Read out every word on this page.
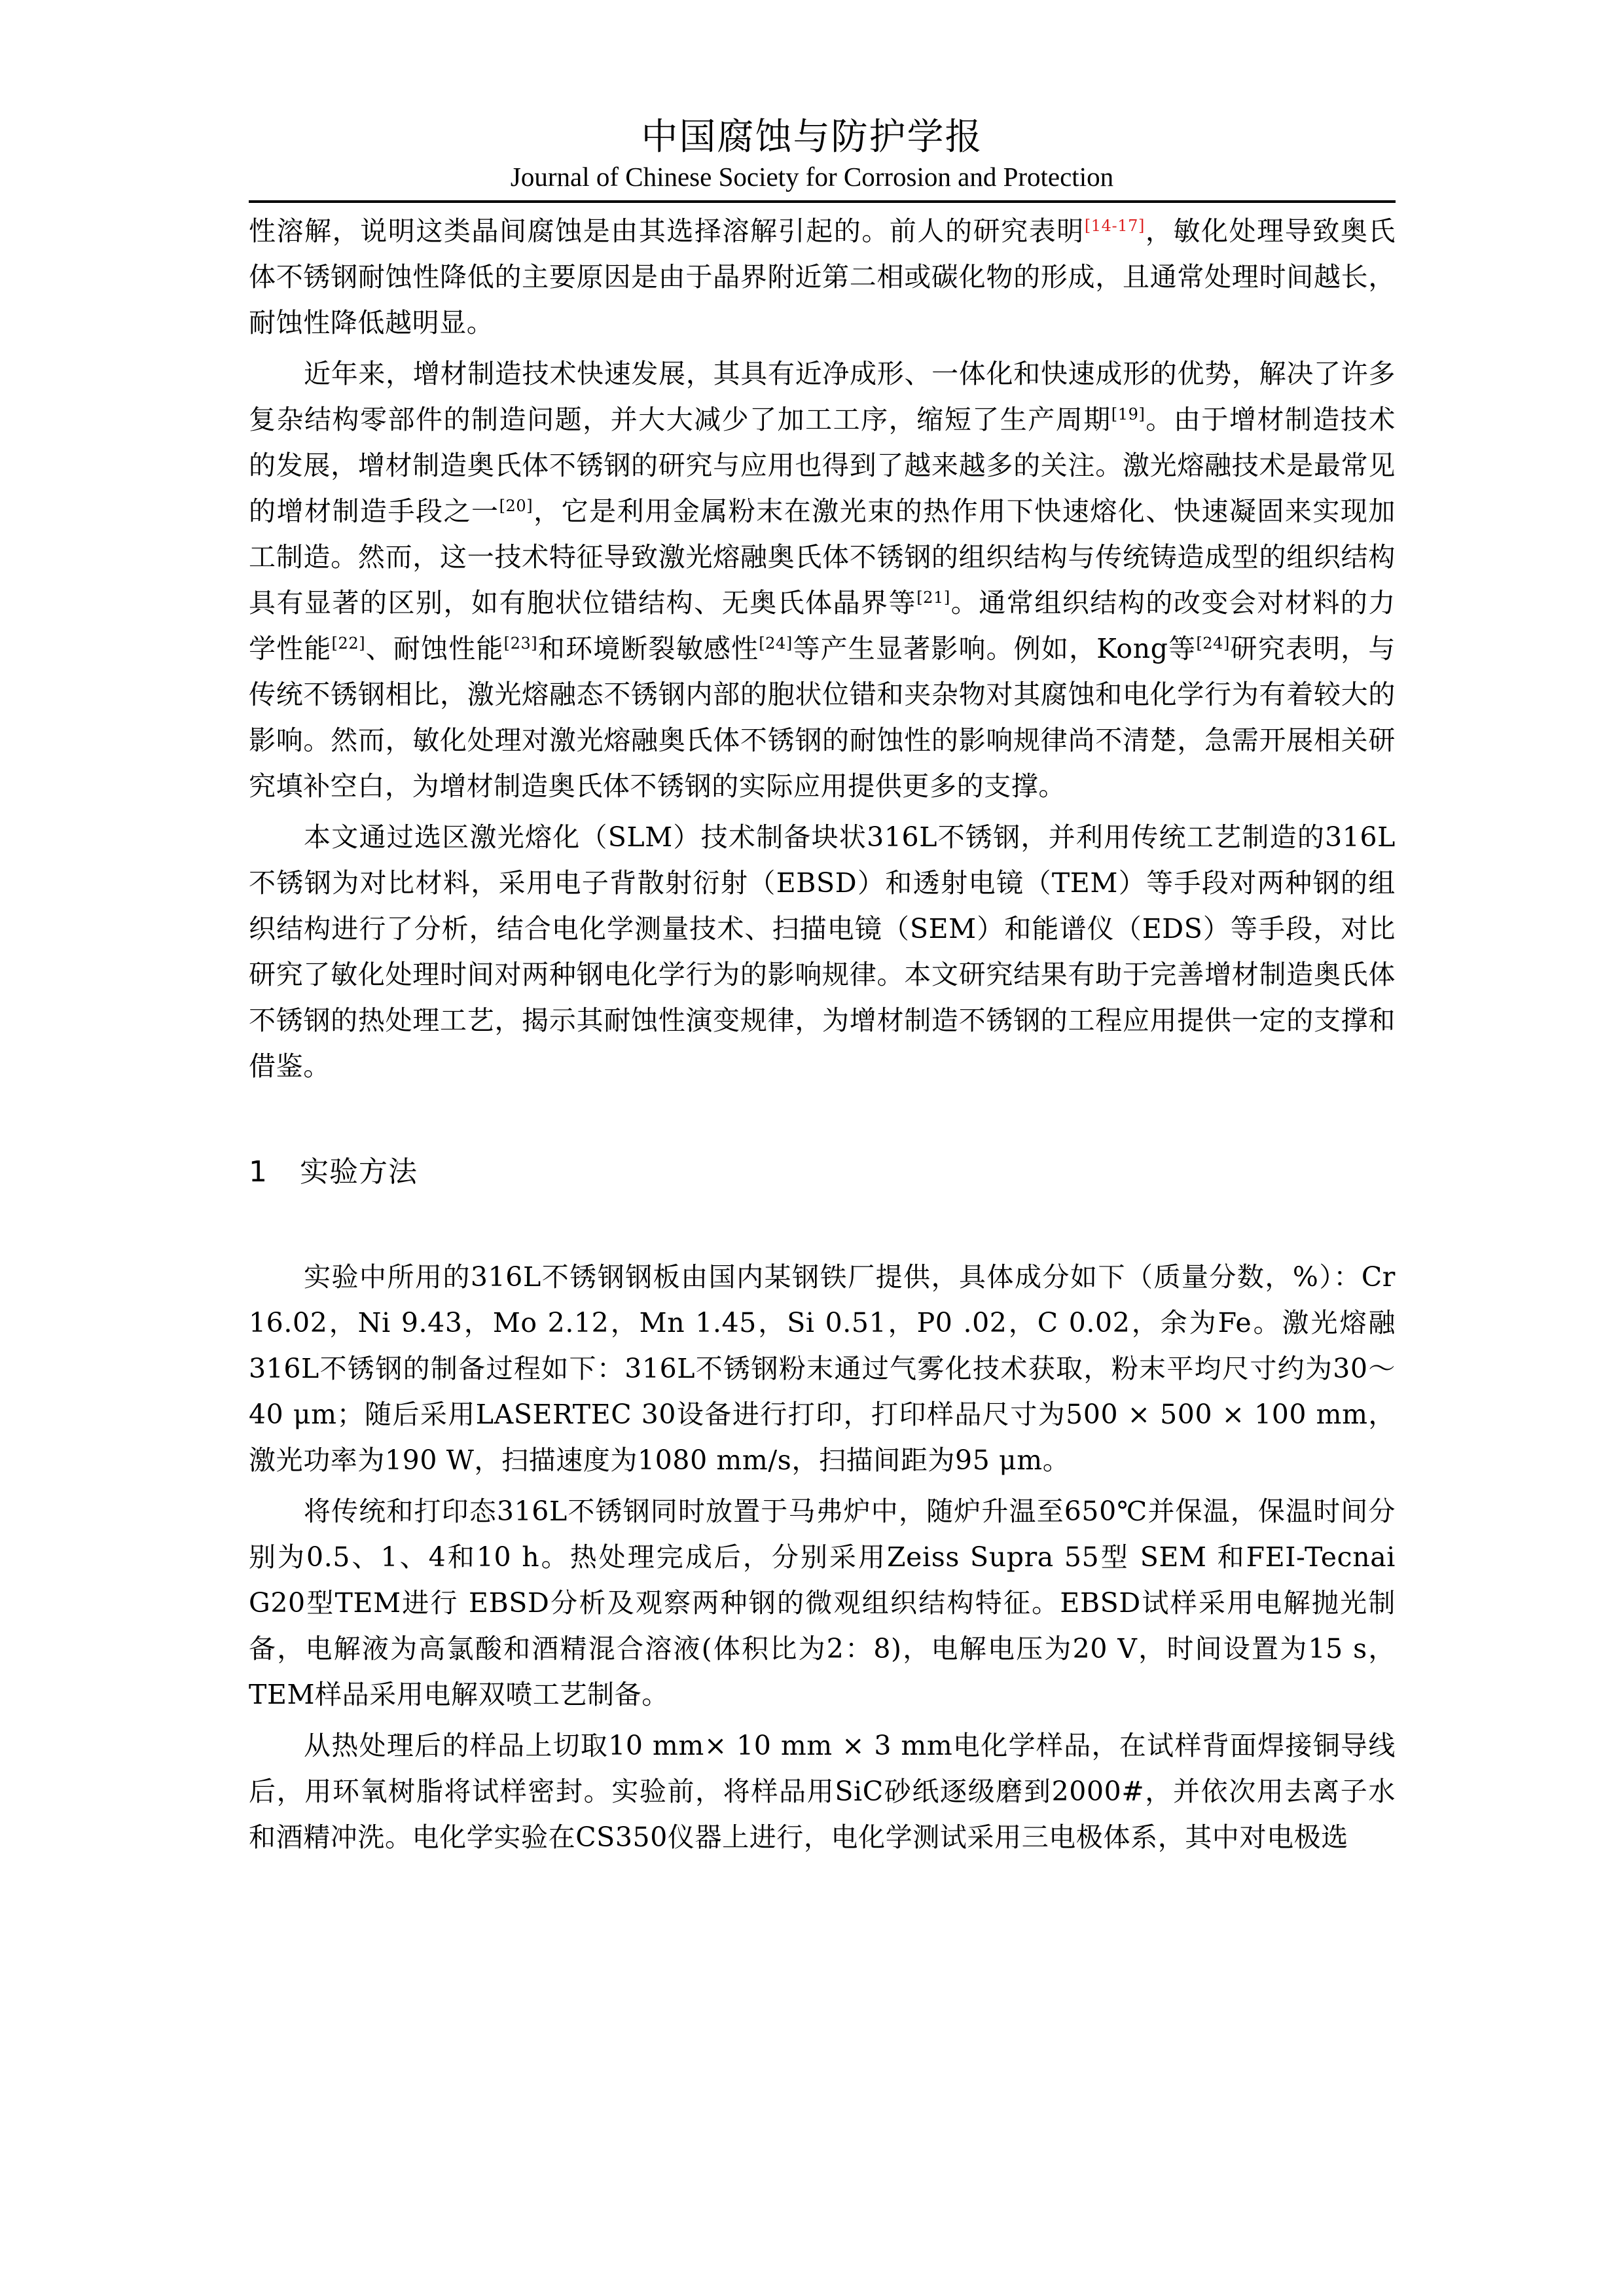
中国腐蚀与防护学报
Journal of Chinese Society for Corrosion and Protection

性溶解，说明这类晶间腐蚀是由其选择溶解引起的。前人的研究表明[14-17]，敏化处理导致奥氏体不锈钢耐蚀性降低的主要原因是由于晶界附近第二相或碳化物的形成，且通常处理时间越长，耐蚀性降低越明显。

近年来，增材制造技术快速发展，其具有近净成形、一体化和快速成形的优势，解决了许多复杂结构零部件的制造问题，并大大减少了加工工序，缩短了生产周期[19]。由于增材制造技术的发展，增材制造奥氏体不锈钢的研究与应用也得到了越来越多的关注。激光熔融技术是最常见的增材制造手段之一[20]，它是利用金属粉末在激光束的热作用下快速熔化、快速凝固来实现加工制造。然而，这一技术特征导致激光熔融奥氏体不锈钢的组织结构与传统铸造成型的组织结构具有显著的区别，如有胞状位错结构、无奥氏体晶界等[21]。通常组织结构的改变会对材料的力学性能[22]、耐蚀性能[23]和环境断裂敏感性[24]等产生显著影响。例如，Kong等[24]研究表明，与传统不锈钢相比，激光熔融态不锈钢内部的胞状位错和夹杂物对其腐蚀和电化学行为有着较大的影响。然而，敏化处理对激光熔融奥氏体不锈钢的耐蚀性的影响规律尚不清楚，急需开展相关研究填补空白，为增材制造奥氏体不锈钢的实际应用提供更多的支撑。

本文通过选区激光熔化（SLM）技术制备块状316L不锈钢，并利用传统工艺制造的316L不锈钢为对比材料，采用电子背散射衍射（EBSD）和透射电镜（TEM）等手段对两种钢的组织结构进行了分析，结合电化学测量技术、扫描电镜（SEM）和能谱仪（EDS）等手段，对比研究了敏化处理时间对两种钢电化学行为的影响规律。本文研究结果有助于完善增材制造奥氏体不锈钢的热处理工艺，揭示其耐蚀性演变规律，为增材制造不锈钢的工程应用提供一定的支撑和借鉴。

1 实验方法

实验中所用的316L不锈钢钢板由国内某钢铁厂提供，具体成分如下（质量分数，%）：Cr 16.02，Ni 9.43，Mo 2.12，Mn 1.45，Si 0.51，P0 .02，C 0.02，余为Fe。激光熔融316L不锈钢的制备过程如下：316L不锈钢粉末通过气雾化技术获取，粉末平均尺寸约为30～40 μm；随后采用LASERTEC 30设备进行打印，打印样品尺寸为500 × 500 × 100 mm，激光功率为190 W，扫描速度为1080 mm/s，扫描间距为95 μm。

将传统和打印态316L不锈钢同时放置于马弗炉中，随炉升温至650℃并保温，保温时间分别为0.5、1、4和10 h。热处理完成后，分别采用Zeiss Supra 55型 SEM 和FEI-Tecnai G20型TEM进行 EBSD分析及观察两种钢的微观组织结构特征。EBSD试样采用电解抛光制备，电解液为高氯酸和酒精混合溶液(体积比为2：8)，电解电压为20 V，时间设置为15 s，TEM样品采用电解双喷工艺制备。

从热处理后的样品上切取10 mm× 10 mm × 3 mm电化学样品，在试样背面焊接铜导线后，用环氧树脂将试样密封。实验前，将样品用SiC砂纸逐级磨到2000#，并依次用去离子水和酒精冲洗。电化学实验在CS350仪器上进行，电化学测试采用三电极体系，其中对电极选
